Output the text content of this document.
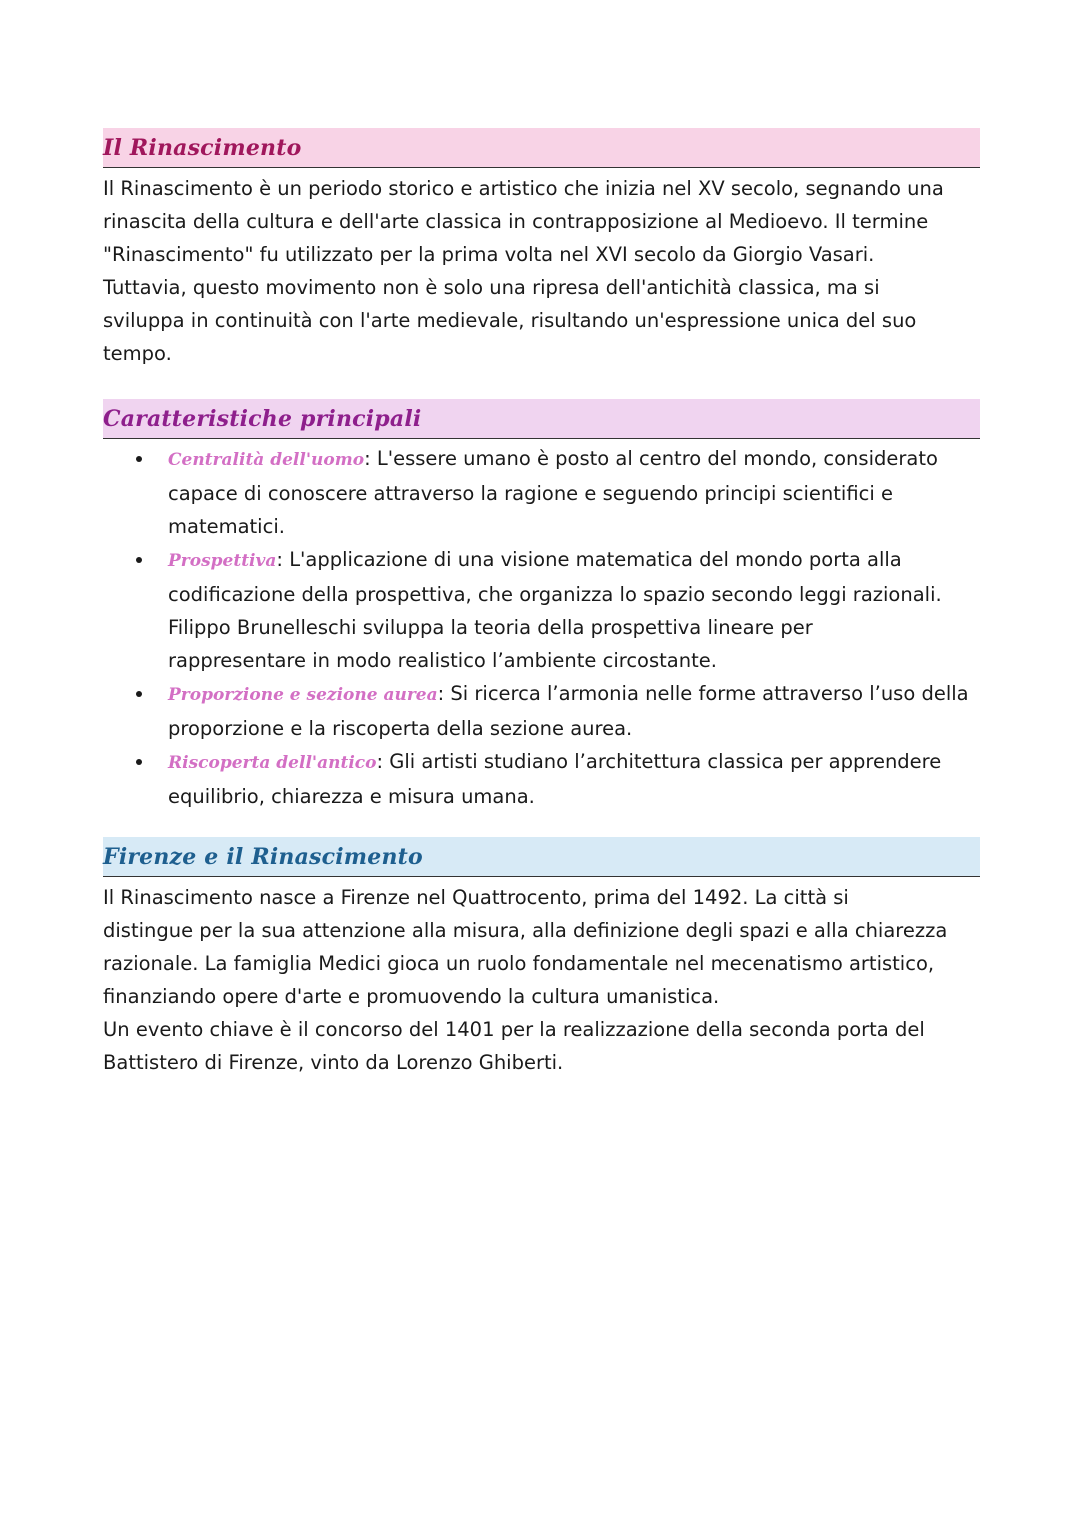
Il Rinascimento
Il Rinascimento è un periodo storico e artistico che inizia nel XV secolo, segnando una
rinascita della cultura e dell'arte classica in contrapposizione al Medioevo. Il termine
"Rinascimento" fu utilizzato per la prima volta nel XVI secolo da Giorgio Vasari.
Tuttavia, questo movimento non è solo una ripresa dell'antichità classica, ma si
sviluppa in continuità con l'arte medievale, risultando un'espressione unica del suo
tempo.
Caratteristiche principali
Centralità dell'uomo: L'essere umano è posto al centro del mondo, considerato
capace di conoscere attraverso la ragione e seguendo principi scientifici e
matematici.
Prospettiva: L'applicazione di una visione matematica del mondo porta alla
codificazione della prospettiva, che organizza lo spazio secondo leggi razionali.
Filippo Brunelleschi sviluppa la teoria della prospettiva lineare per
rappresentare in modo realistico l’ambiente circostante.
Proporzione e sezione aurea: Si ricerca l’armonia nelle forme attraverso l’uso della
proporzione e la riscoperta della sezione aurea.
Riscoperta dell'antico: Gli artisti studiano l’architettura classica per apprendere
equilibrio, chiarezza e misura umana.
Firenze e il Rinascimento
Il Rinascimento nasce a Firenze nel Quattrocento, prima del 1492. La città si
distingue per la sua attenzione alla misura, alla definizione degli spazi e alla chiarezza
razionale. La famiglia Medici gioca un ruolo fondamentale nel mecenatismo artistico,
finanziando opere d'arte e promuovendo la cultura umanistica.
Un evento chiave è il concorso del 1401 per la realizzazione della seconda porta del
Battistero di Firenze, vinto da Lorenzo Ghiberti.
